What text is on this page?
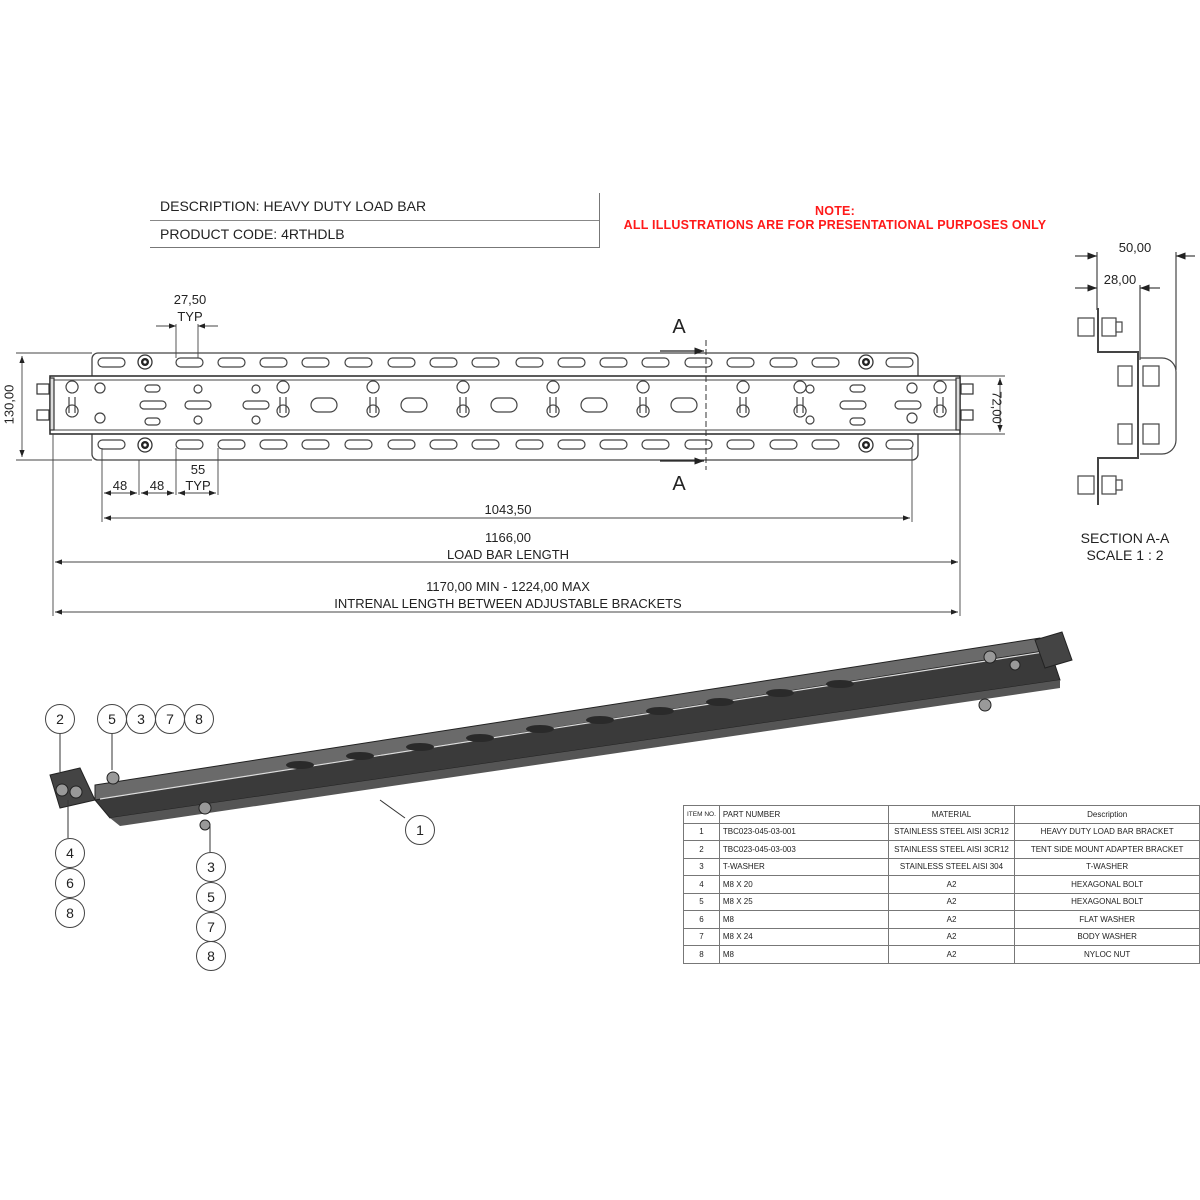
DESCRIPTION: HEAVY DUTY LOAD BAR
PRODUCT CODE: 4RTHDLB
NOTE:
ALL ILLUSTRATIONS ARE FOR PRESENTATIONAL PURPOSES ONLY
27,50
TYP
130,00	72,00
48	48
55
TYP
1043,50
1166,00
LOAD BAR LENGTH
1170,00 MIN - 1224,00 MAX
INTRENAL LENGTH BETWEEN ADJUSTABLE BRACKETS
A
A
50,00
28,00
SECTION A-A
SCALE 1 : 2
2	5	3	7	8
4
6
8
3
5
7
8
1
ITEM NO.	PART NUMBER	MATERIAL	Description
1	TBC023-045-03-001	STAINLESS STEEL AISI 3CR12	HEAVY DUTY LOAD BAR BRACKET
2	TBC023-045-03-003	STAINLESS STEEL AISI 3CR12	TENT SIDE MOUNT ADAPTER BRACKET
3	T-WASHER	STAINLESS STEEL AISI 304	T-WASHER
4	M8 X 20	A2	HEXAGONAL BOLT
5	M8 X 25	A2	HEXAGONAL BOLT
6	M8	A2	FLAT WASHER
7	M8 X 24	A2	BODY WASHER
8	M8	A2	NYLOC NUT
